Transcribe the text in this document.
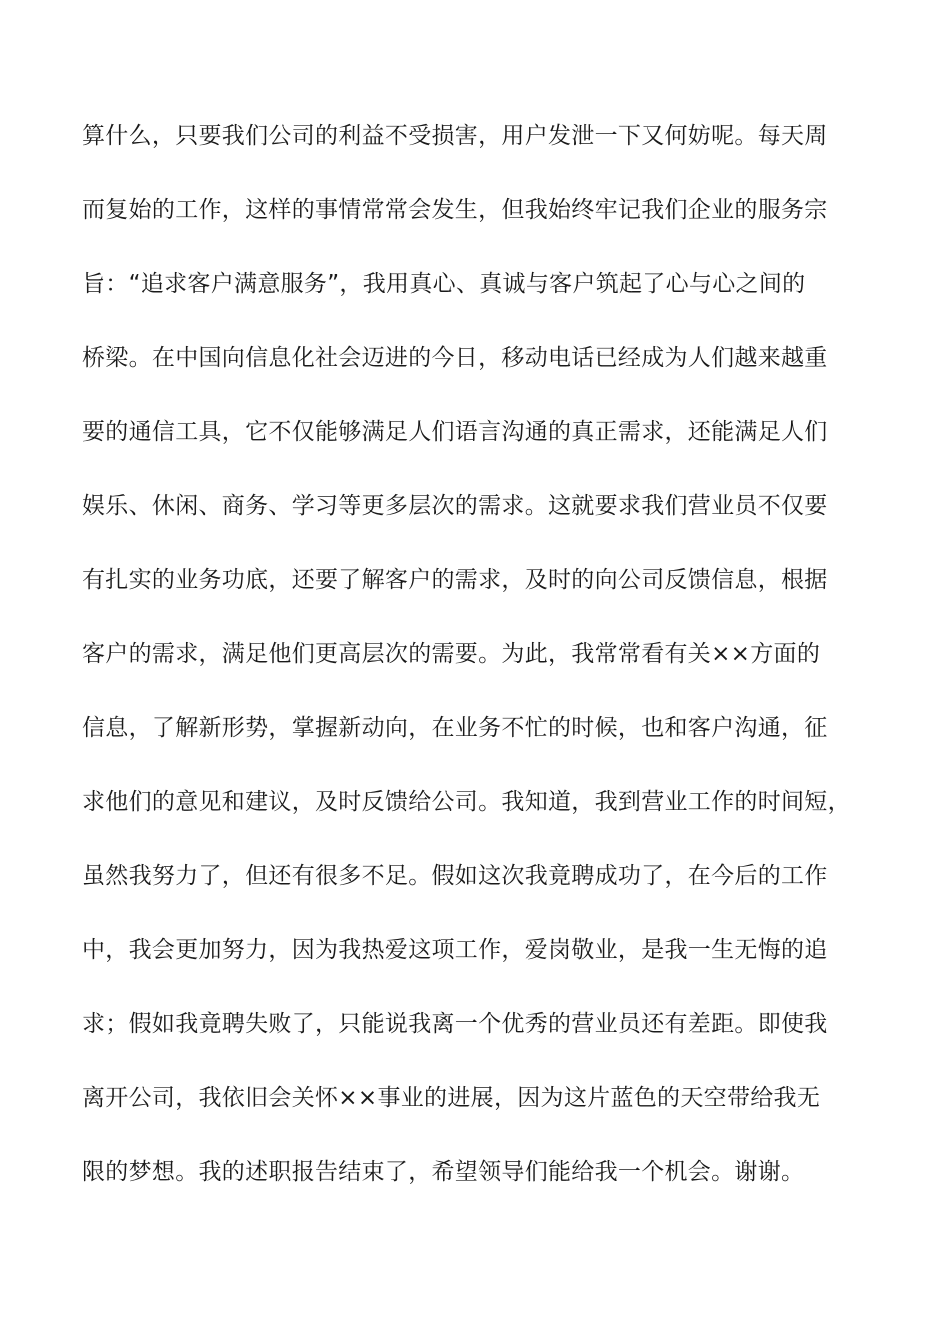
算什么，只要我们公司的利益不受损害，用户发泄一下又何妨呢。每天周
而复始的工作，这样的事情常常会发生，但我始终牢记我们企业的服务宗
旨：“追求客户满意服务”，我用真心、真诚与客户筑起了心与心之间的
桥梁。在中国向信息化社会迈进的今日，移动电话已经成为人们越来越重
要的通信工具，它不仅能够满足人们语言沟通的真正需求，还能满足人们
娱乐、休闲、商务、学习等更多层次的需求。这就要求我们营业员不仅要
有扎实的业务功底，还要了解客户的需求，及时的向公司反馈信息，根据
客户的需求，满足他们更高层次的需要。为此，我常常看有关××方面的
信息，了解新形势，掌握新动向，在业务不忙的时候，也和客户沟通，征
求他们的意见和建议，及时反馈给公司。我知道，我到营业工作的时间短，
虽然我努力了，但还有很多不足。假如这次我竟聘成功了，在今后的工作
中，我会更加努力，因为我热爱这项工作，爱岗敬业，是我一生无悔的追
求；假如我竟聘失败了，只能说我离一个优秀的营业员还有差距。即使我
离开公司，我依旧会关怀××事业的进展，因为这片蓝色的天空带给我无
限的梦想。我的述职报告结束了，希望领导们能给我一个机会。谢谢。
